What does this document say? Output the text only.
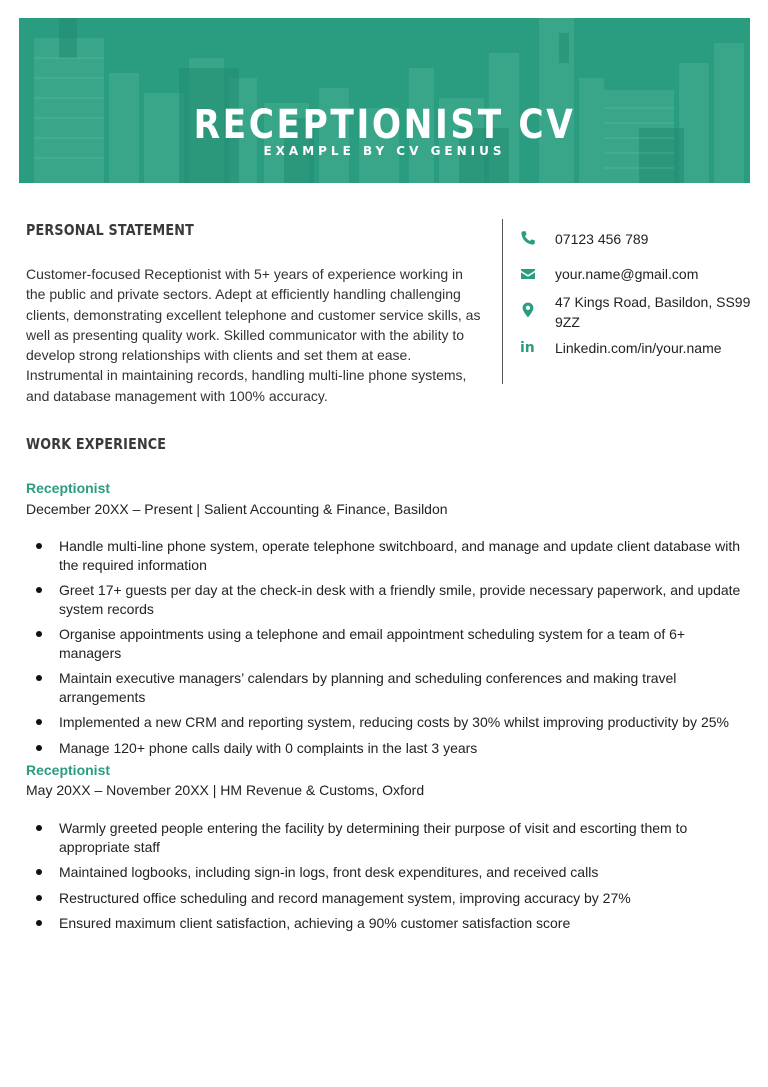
RECEPTIONIST CV
EXAMPLE BY CV GENIUS
PERSONAL STATEMENT

Customer-focused Receptionist with 5+ years of experience working in the public and private sectors. Adept at efficiently handling challenging clients, demonstrating excellent telephone and customer service skills, as well as presenting quality work. Skilled communicator with the ability to develop strong relationships with clients and set them at ease. Instrumental in maintaining records, handling multi-line phone systems, and database management with 100% accuracy.

07123 456 789
your.name@gmail.com
47 Kings Road, Basildon, SS99 9ZZ
in Linkedin.com/in/your.name
WORK EXPERIENCE
Receptionist

December 20XX – Present | Salient Accounting & Finance, Basildon

Handle multi-line phone system, operate telephone switchboard, and manage and update client database with the required information
Greet 17+ guests per day at the check-in desk with a friendly smile, provide necessary paperwork, and update system records
Organise appointments using a telephone and email appointment scheduling system for a team of 6+ managers
Maintain executive managers’ calendars by planning and scheduling conferences and making travel arrangements
Implemented a new CRM and reporting system, reducing costs by 30% whilst improving productivity by 25%
Manage 120+ phone calls daily with 0 complaints in the last 3 years
Receptionist

May 20XX – November 20XX | HM Revenue & Customs, Oxford

Warmly greeted people entering the facility by determining their purpose of visit and escorting them to appropriate staff
Maintained logbooks, including sign-in logs, front desk expenditures, and received calls
Restructured office scheduling and record management system, improving accuracy by 27%
Ensured maximum client satisfaction, achieving a 90% customer satisfaction score
